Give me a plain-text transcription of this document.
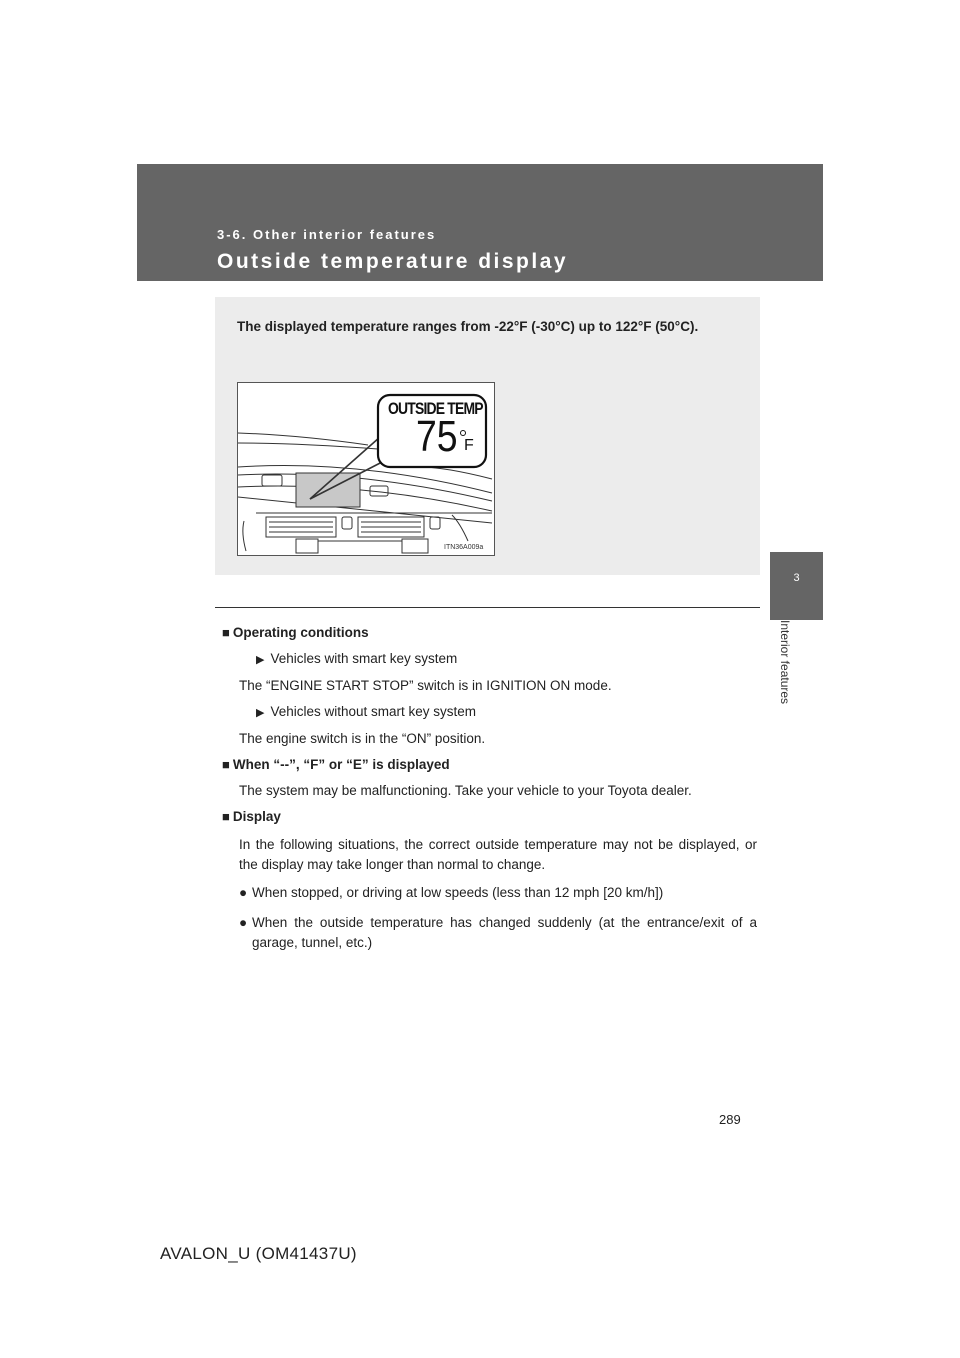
3-6. Other interior features
Outside temperature display
3
Interior features
The displayed temperature ranges from -22°F (-30°C) up to 122°F (50°C).
OUTSIDE TEMP
75 F
ITN36A009a
■ Operating conditions
▶ Vehicles with smart key system
The “ENGINE START STOP” switch is in IGNITION ON mode.
▶ Vehicles without smart key system
The engine switch is in the “ON” position.
■ When “--”, “F” or “E” is displayed
The system may be malfunctioning. Take your vehicle to your Toyota dealer.
■ Display
In the following situations, the correct outside temperature may not be displayed, or the display may take longer than normal to change.
● When stopped, or driving at low speeds (less than 12 mph [20 km/h])
● When the outside temperature has changed suddenly (at the entrance/exit of a garage, tunnel, etc.)
289
AVALON_U (OM41437U)
